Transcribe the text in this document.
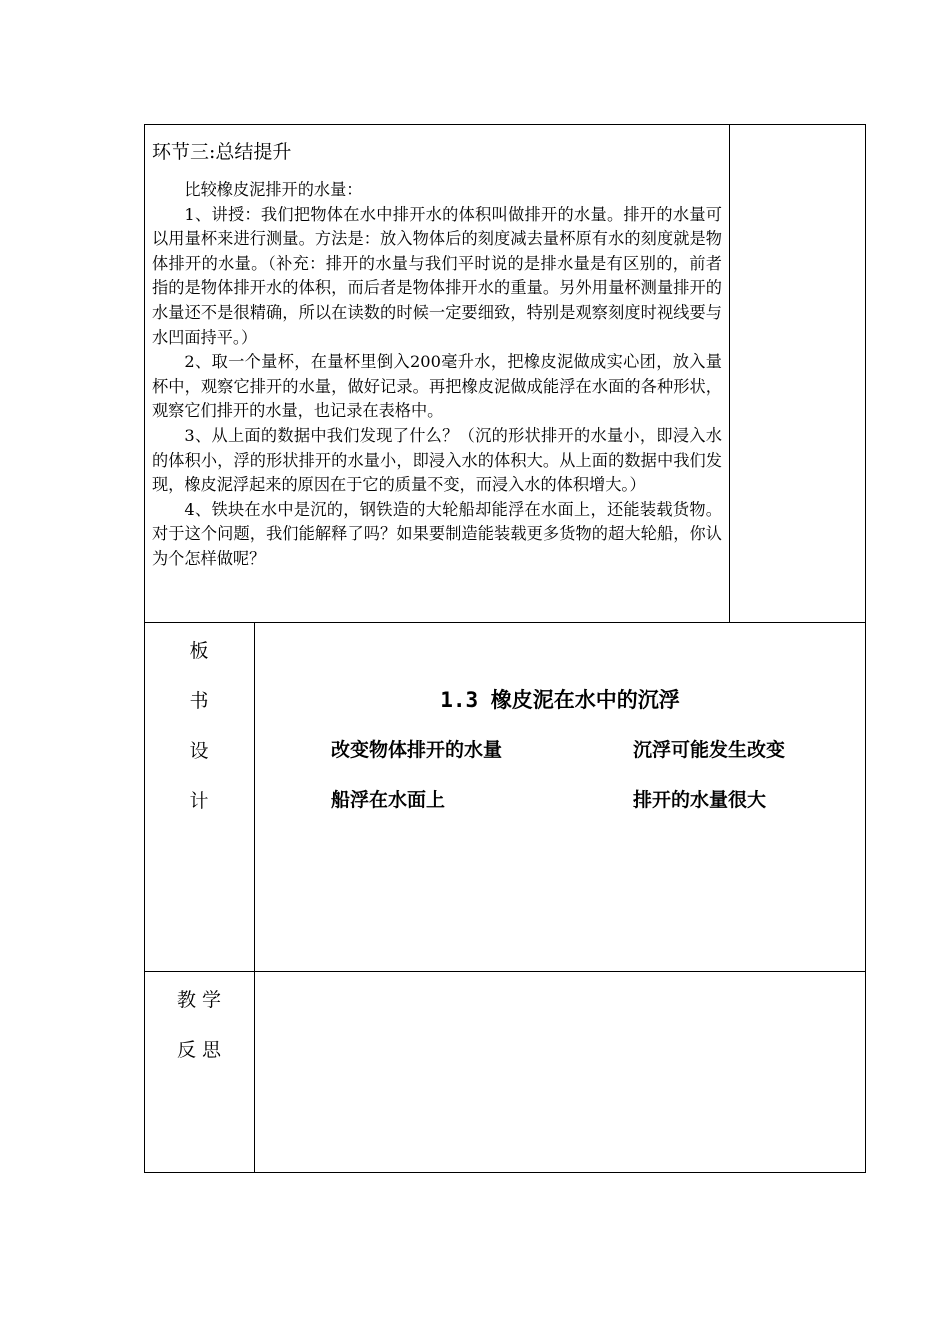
环节三:总结提升

比较橡皮泥排开的水量：

1、讲授：我们把物体在水中排开水的体积叫做排开的水量。排开的水量可以用量杯来进行测量。方法是：放入物体后的刻度减去量杯原有水的刻度就是物体排开的水量。（补充：排开的水量与我们平时说的是排水量是有区别的，前者指的是物体排开水的体积，而后者是物体排开水的重量。另外用量杯测量排开的水量还不是很精确，所以在读数的时候一定要细致，特别是观察刻度时视线要与水凹面持平。）

2、取一个量杯，在量杯里倒入200毫升水，把橡皮泥做成实心团，放入量杯中，观察它排开的水量，做好记录。再把橡皮泥做成能浮在水面的各种形状，观察它们排开的水量，也记录在表格中。

3、从上面的数据中我们发现了什么？（沉的形状排开的水量小，即浸入水的体积小，浮的形状排开的水量小，即浸入水的体积大。从上面的数据中我们发现，橡皮泥浮起来的原因在于它的质量不变，而浸入水的体积增大。）

4、铁块在水中是沉的，钢铁造的大轮船却能浮在水面上，还能装载货物。对于这个问题，我们能解释了吗？如果要制造能装载更多货物的超大轮船，你认为个怎样做呢？

板
书
设
计
1.3 橡皮泥在水中的沉浮
改变物体排开的水量	沉浮可能发生改变
船浮在水面上	排开的水量很大
教 学
反 思
